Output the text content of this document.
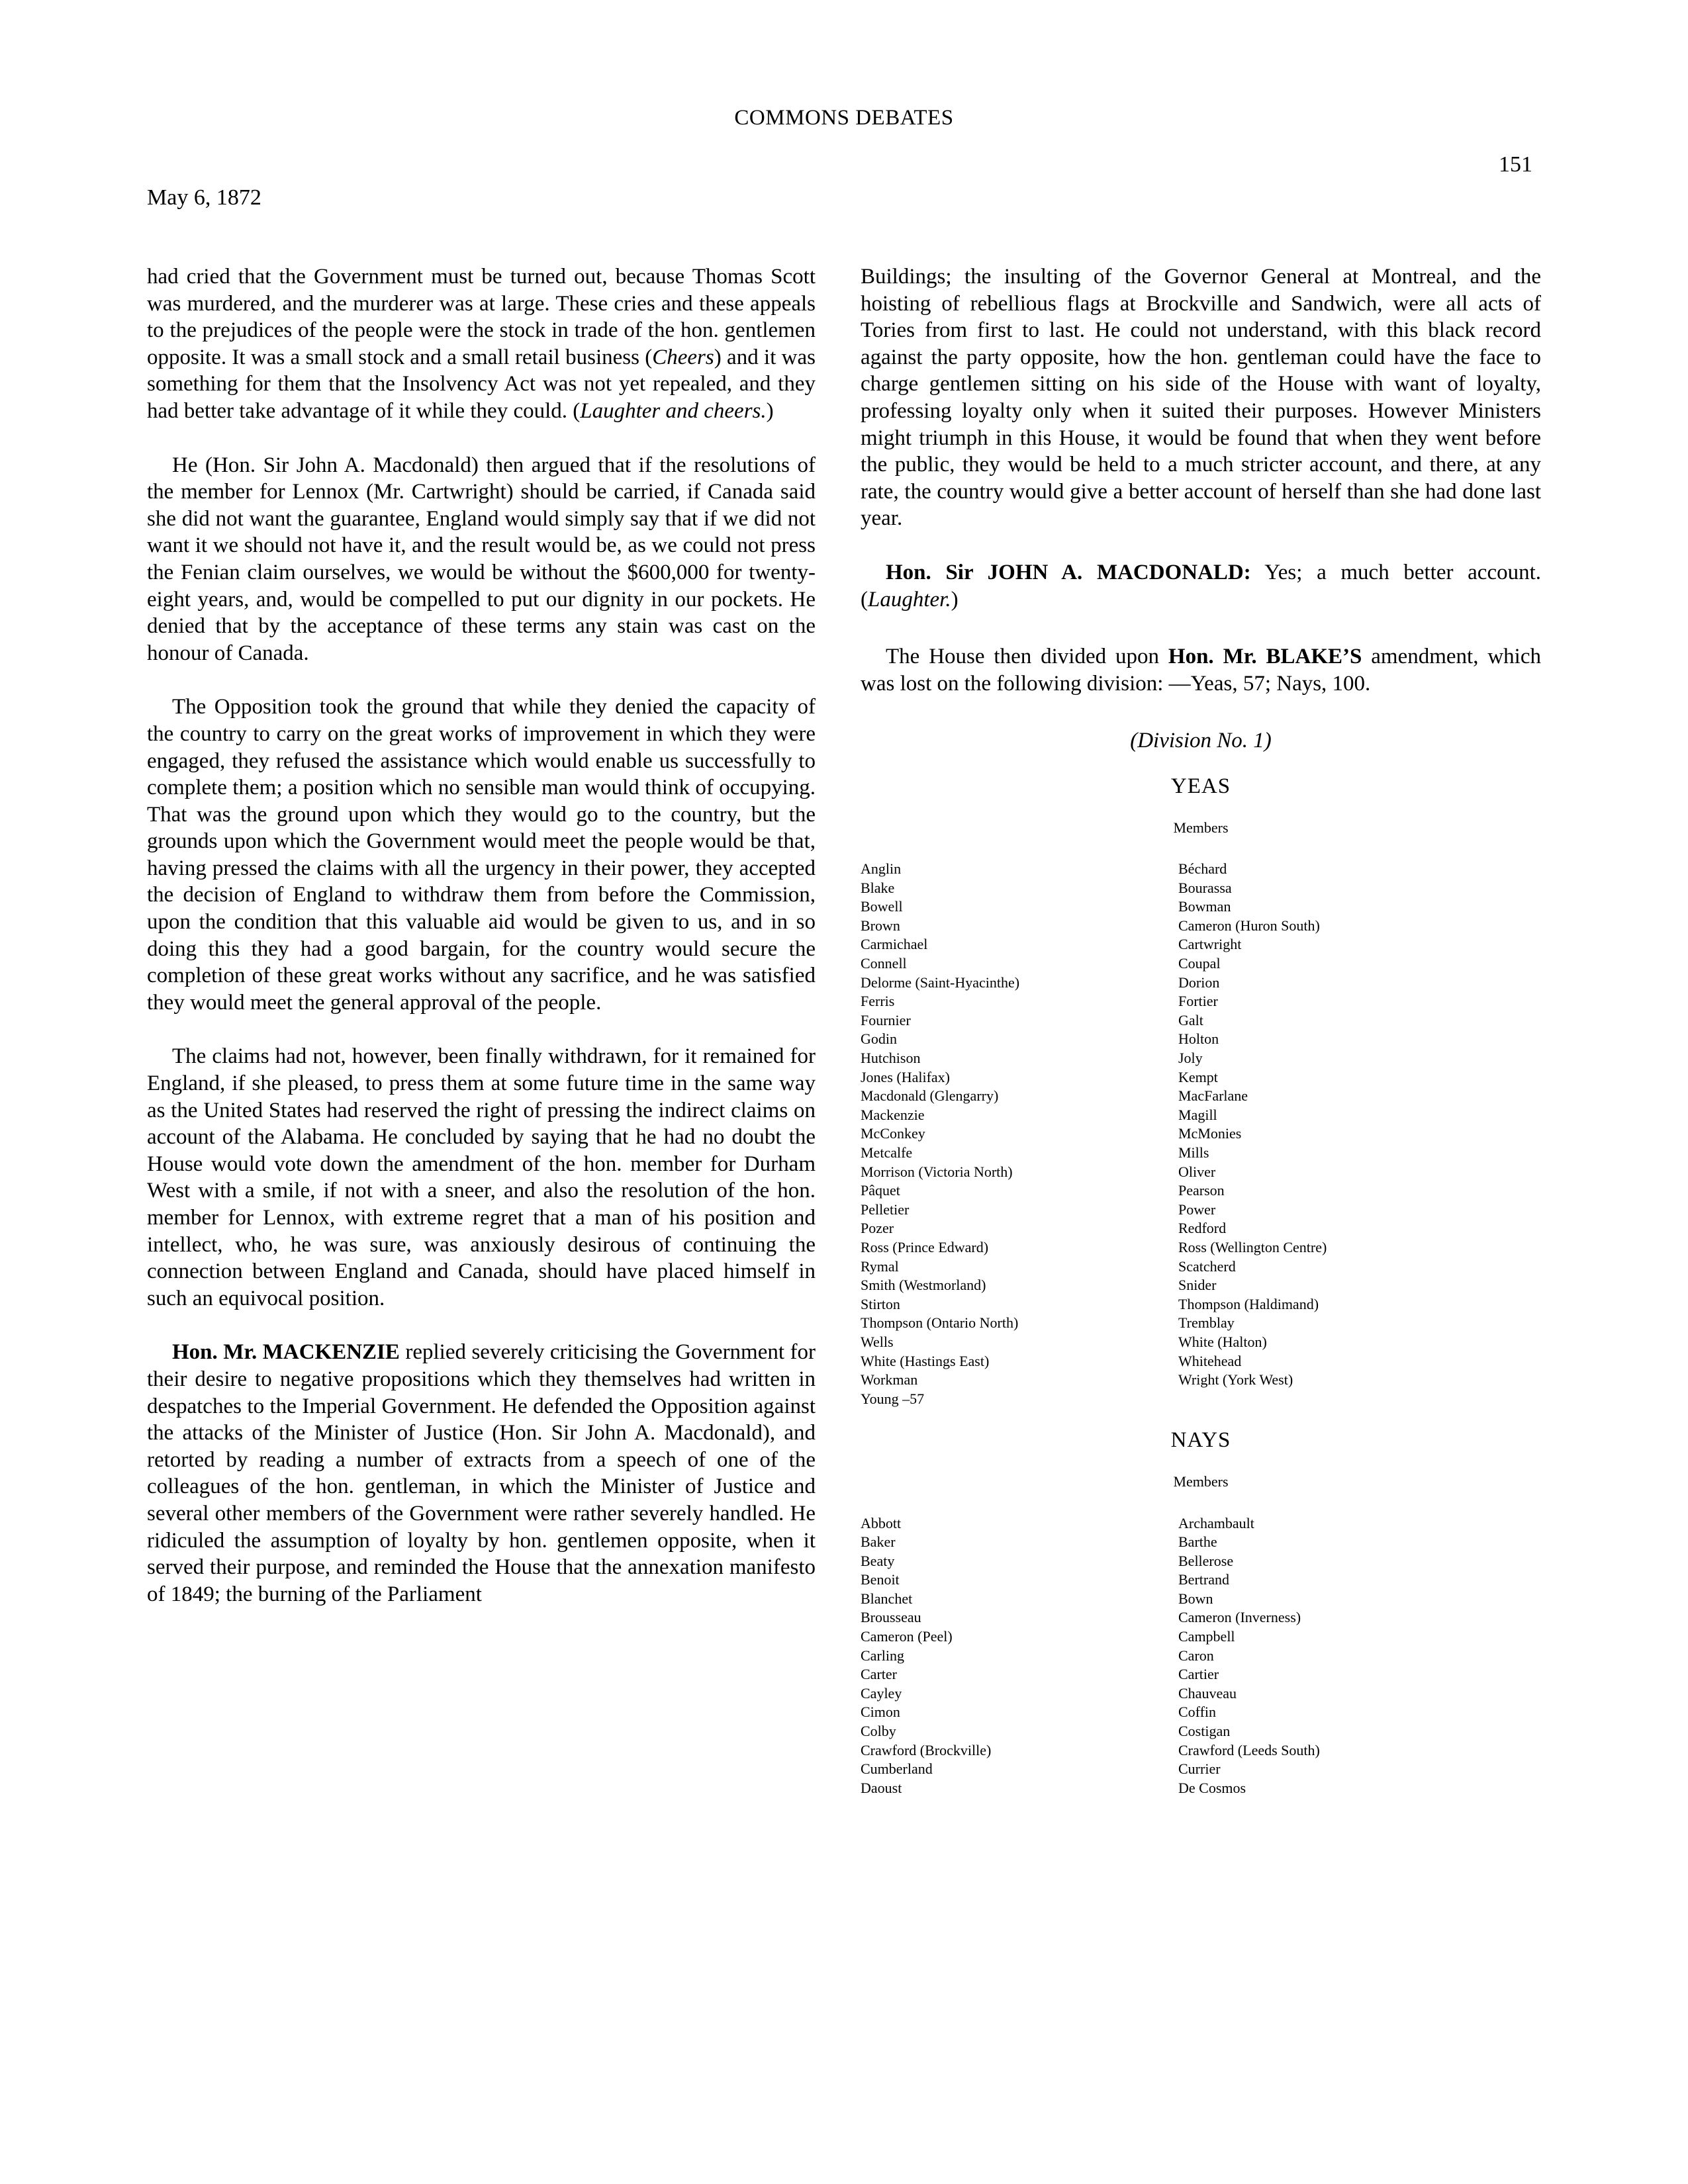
COMMONS DEBATES
151
May 6, 1872

had cried that the Government must be turned out, because Thomas Scott was murdered, and the murderer was at large. These cries and these appeals to the prejudices of the people were the stock in trade of the hon. gentlemen opposite. It was a small stock and a small retail business (Cheers) and it was something for them that the Insolvency Act was not yet repealed, and they had better take advantage of it while they could. (Laughter and cheers.)

He (Hon. Sir John A. Macdonald) then argued that if the resolutions of the member for Lennox (Mr. Cartwright) should be carried, if Canada said she did not want the guarantee, England would simply say that if we did not want it we should not have it, and the result would be, as we could not press the Fenian claim ourselves, we would be without the $600,000 for twenty-eight years, and, would be compelled to put our dignity in our pockets. He denied that by the acceptance of these terms any stain was cast on the honour of Canada.

The Opposition took the ground that while they denied the capacity of the country to carry on the great works of improvement in which they were engaged, they refused the assistance which would enable us successfully to complete them; a position which no sensible man would think of occupying. That was the ground upon which they would go to the country, but the grounds upon which the Government would meet the people would be that, having pressed the claims with all the urgency in their power, they accepted the decision of England to withdraw them from before the Commission, upon the condition that this valuable aid would be given to us, and in so doing this they had a good bargain, for the country would secure the completion of these great works without any sacrifice, and he was satisfied they would meet the general approval of the people.

The claims had not, however, been finally withdrawn, for it remained for England, if she pleased, to press them at some future time in the same way as the United States had reserved the right of pressing the indirect claims on account of the Alabama. He concluded by saying that he had no doubt the House would vote down the amendment of the hon. member for Durham West with a smile, if not with a sneer, and also the resolution of the hon. member for Lennox, with extreme regret that a man of his position and intellect, who, he was sure, was anxiously desirous of continuing the connection between England and Canada, should have placed himself in such an equivocal position.

Hon. Mr. MACKENZIE replied severely criticising the Government for their desire to negative propositions which they themselves had written in despatches to the Imperial Government. He defended the Opposition against the attacks of the Minister of Justice (Hon. Sir John A. Macdonald), and retorted by reading a number of extracts from a speech of one of the colleagues of the hon. gentleman, in which the Minister of Justice and several other members of the Government were rather severely handled. He ridiculed the assumption of loyalty by hon. gentlemen opposite, when it served their purpose, and reminded the House that the annexation manifesto of 1849; the burning of the Parliament

Buildings; the insulting of the Governor General at Montreal, and the hoisting of rebellious flags at Brockville and Sandwich, were all acts of Tories from first to last. He could not understand, with this black record against the party opposite, how the hon. gentleman could have the face to charge gentlemen sitting on his side of the House with want of loyalty, professing loyalty only when it suited their purposes. However Ministers might triumph in this House, it would be found that when they went before the public, they would be held to a much stricter account, and there, at any rate, the country would give a better account of herself than she had done last year.

Hon. Sir JOHN A. MACDONALD: Yes; a much better account. (Laughter.)

The House then divided upon Hon. Mr. BLAKE’S amendment, which was lost on the following division: —Yeas, 57; Nays, 100.

(Division No. 1)
YEAS
Members
Anglin
Blake
Bowell
Brown
Carmichael
Connell
Delorme (Saint-Hyacinthe)
Ferris
Fournier
Godin
Hutchison
Jones (Halifax)
Macdonald (Glengarry)
Mackenzie
McConkey
Metcalfe
Morrison (Victoria North)
Pâquet
Pelletier
Pozer
Ross (Prince Edward)
Rymal
Smith (Westmorland)
Stirton
Thompson (Ontario North)
Wells
White (Hastings East)
Workman
Young –57
Béchard
Bourassa
Bowman
Cameron (Huron South)
Cartwright
Coupal
Dorion
Fortier
Galt
Holton
Joly
Kempt
MacFarlane
Magill
McMonies
Mills
Oliver
Pearson
Power
Redford
Ross (Wellington Centre)
Scatcherd
Snider
Thompson (Haldimand)
Tremblay
White (Halton)
Whitehead
Wright (York West)
NAYS
Members
Abbott
Baker
Beaty
Benoit
Blanchet
Brousseau
Cameron (Peel)
Carling
Carter
Cayley
Cimon
Colby
Crawford (Brockville)
Cumberland
Daoust
Archambault
Barthe
Bellerose
Bertrand
Bown
Cameron (Inverness)
Campbell
Caron
Cartier
Chauveau
Coffin
Costigan
Crawford (Leeds South)
Currier
De Cosmos
